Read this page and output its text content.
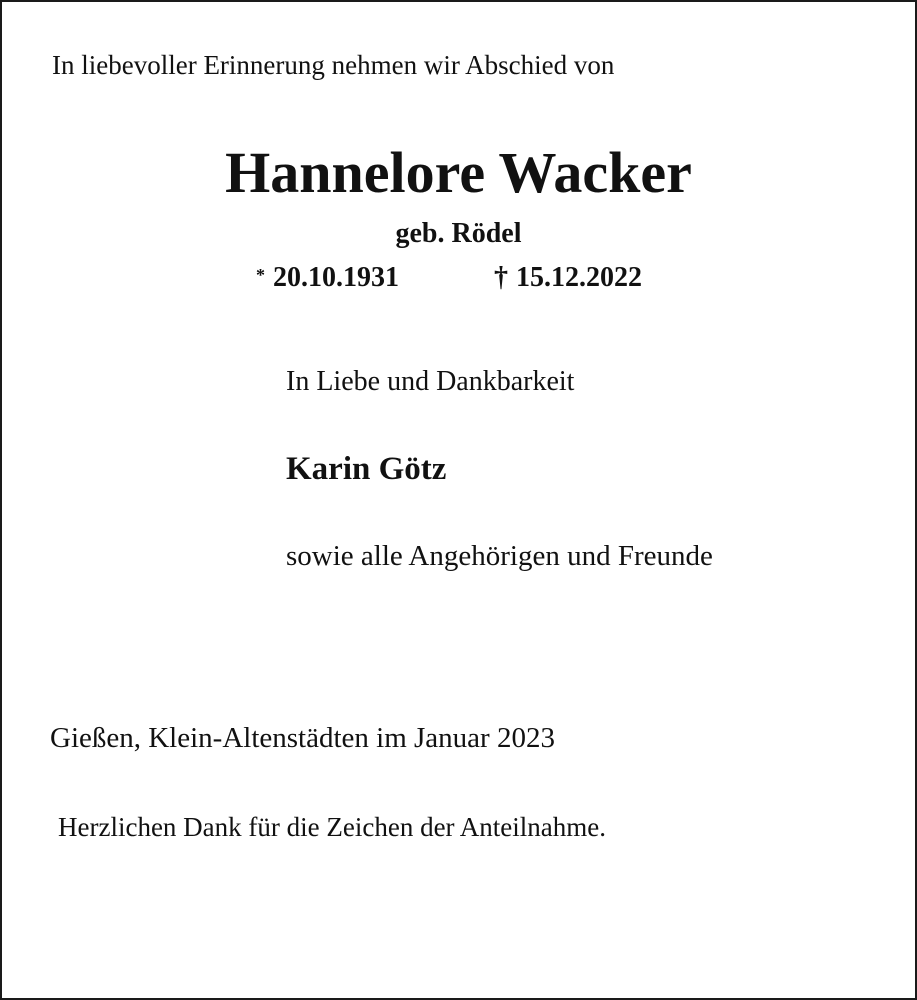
In liebevoller Erinnerung nehmen wir Abschied von
Hannelore Wacker
geb. Rödel
* 20.10.1931	† 15.12.2022
In Liebe und Dankbarkeit
Karin Götz
sowie alle Angehörigen und Freunde
Gießen, Klein-Altenstädten im Januar 2023
Herzlichen Dank für die Zeichen der Anteilnahme.
